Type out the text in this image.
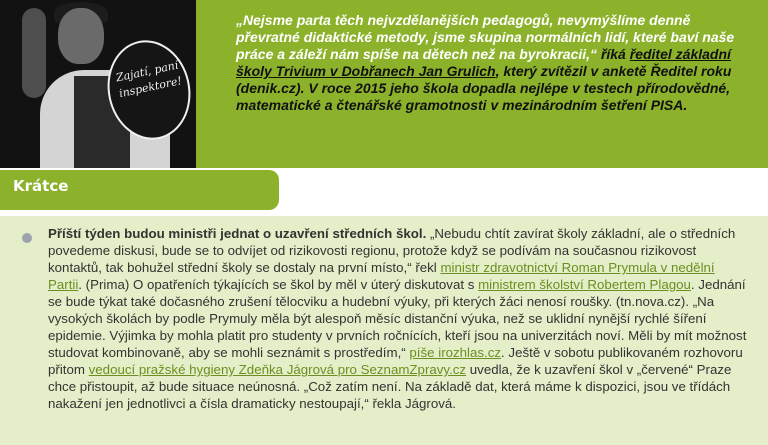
Zajatí, paní inspektore!

„Nejsme parta těch nejvzdělanějších pedagogů, nevymýšlíme denně převratné didaktické metody, jsme skupina normálních lidí, které baví naše práce a záleží nám spíše na dětech než na byrokracii,“ říká ředitel základní školy Trivium v Dobřanech Jan Grulich, který zvítězil v anketě Ředitel roku (denik.cz). V roce 2015 jeho škola dopadla nejlépe v testech přírodovědné, matematické a čtenářské gramotnosti v mezinárodním šetření PISA.

Krátce

Příští týden budou ministři jednat o uzavření středních škol. „Nebudu chtít zavírat školy základní, ale o středních povedeme diskusi, bude se to odvíjet od rizikovosti regionu, protože když se podívám na současnou rizikovost kontaktů, tak bohužel střední školy se dostaly na první místo,“ řekl ministr zdravotnictví Roman Prymula v nedělní Partii. (Prima) O opatřeních týkajících se škol by měl v úterý diskutovat s ministrem školství Robertem Plagou. Jednání se bude týkat také dočasného zrušení tělocviku a hudební výuky, při kterých žáci nenosí roušky. (tn.nova.cz). „Na vysokých školách by podle Prymuly měla být alespoň měsíc distanční výuka, než se uklidní nynější rychlé šíření epidemie. Výjimka by mohla platit pro studenty v prvních ročnících, kteří jsou na univerzitách noví. Měli by mít možnost studovat kombinovaně, aby se mohli seznámit s prostředím,“ píše irozhlas.cz. Ještě v sobotu publikovaném rozhovoru přitom vedoucí pražské hygieny Zdeňka Jágrová pro SeznamZpravy.cz uvedla, že k uzavření škol v „červené“ Praze chce přistoupit, až bude situace neúnosná. „Což zatím není. Na základě dat, která máme k dispozici, jsou ve třídách nakažení jen jednotlivci a čísla dramaticky nestoupají,“ řekla Jágrová.
